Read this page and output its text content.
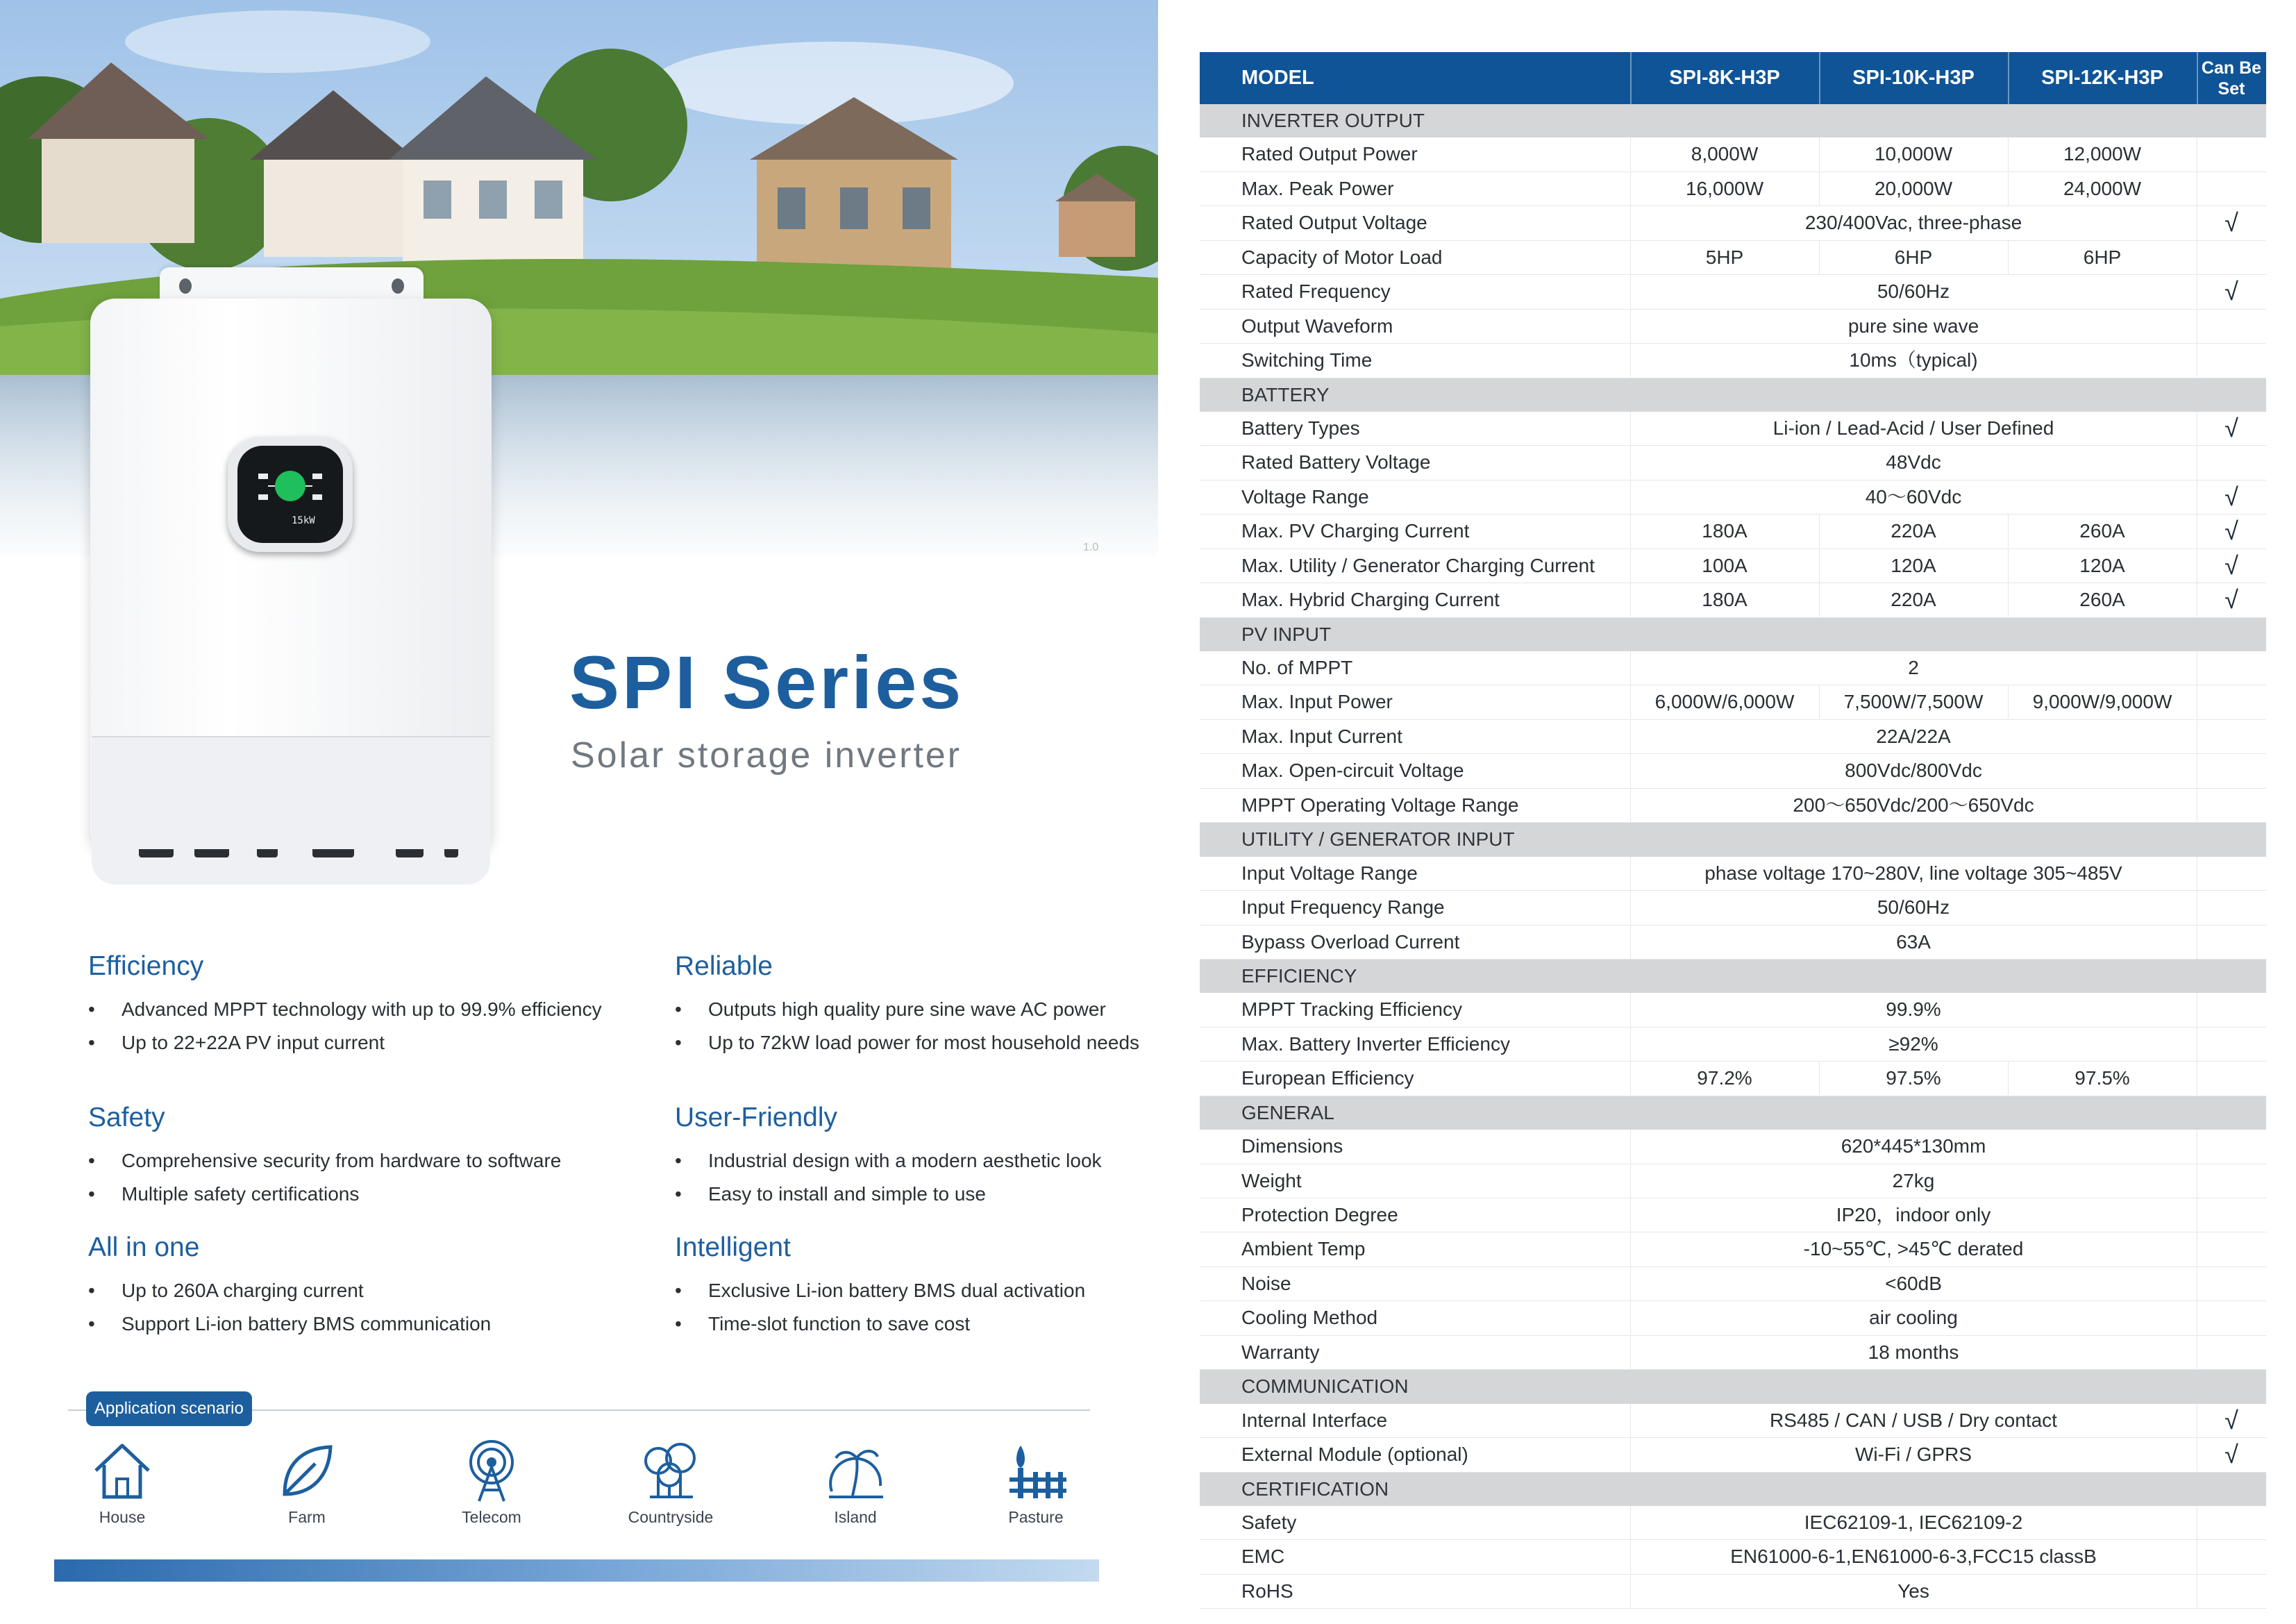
1.0
15kW
SPI Series
Solar storage inverter
Efficiency
• Advanced MPPT technology with up to 99.9% efficiency
• Up to 22+22A PV input current
Reliable
• Outputs high quality pure sine wave AC power
• Up to 72kW load power for most household needs
Safety
• Comprehensive security from hardware to software
• Multiple safety certifications
User-Friendly
• Industrial design with a modern aesthetic look
• Easy to install and simple to use
All in one
• Up to 260A charging current
• Support Li-ion battery BMS communication
Intelligent
• Exclusive Li-ion battery BMS dual activation
• Time-slot function to save cost
Application scenario
House	Farm	Telecom	Countryside	Island	Pasture
MODEL	SPI-8K-H3P	SPI-10K-H3P	SPI-12K-H3P	Can Be
Set
INVERTER OUTPUT
Rated Output Power	8,000W	10,000W	12,000W
Max. Peak Power	16,000W	20,000W	24,000W
Rated Output Voltage	230/400Vac, three-phase	√
Capacity of Motor Load	5HP	6HP	6HP
Rated Frequency	50/60Hz	√
Output Waveform	pure sine wave
Switching Time	10ms（typical)
BATTERY
Battery Types	Li-ion / Lead-Acid / User Defined	√
Rated Battery Voltage	48Vdc
Voltage Range	40～60Vdc	√
Max. PV Charging Current	180A	220A	260A	√
Max. Utility / Generator Charging Current	100A	120A	120A	√
Max. Hybrid Charging Current	180A	220A	260A	√
PV INPUT
No. of MPPT	2
Max. Input Power	6,000W/6,000W	7,500W/7,500W	9,000W/9,000W
Max. Input Current	22A/22A
Max. Open-circuit Voltage	800Vdc/800Vdc
MPPT Operating Voltage Range	200～650Vdc/200～650Vdc
UTILITY / GENERATOR INPUT
Input Voltage Range	phase voltage 170~280V, line voltage 305~485V
Input Frequency Range	50/60Hz
Bypass Overload Current	63A
EFFICIENCY
MPPT Tracking Efficiency	99.9%
Max. Battery Inverter Efficiency	≥92%
European Efficiency	97.2%	97.5%	97.5%
GENERAL
Dimensions	620*445*130mm
Weight	27kg
Protection Degree	IP20，indoor only
Ambient Temp	-10~55℃, >45℃ derated
Noise	<60dB
Cooling Method	air cooling
Warranty	18 months
COMMUNICATION
Internal Interface	RS485 / CAN / USB / Dry contact	√
External Module (optional)	Wi-Fi / GPRS	√
CERTIFICATION
Safety	IEC62109-1, IEC62109-2
EMC	EN61000-6-1,EN61000-6-3,FCC15 classB
RoHS	Yes
